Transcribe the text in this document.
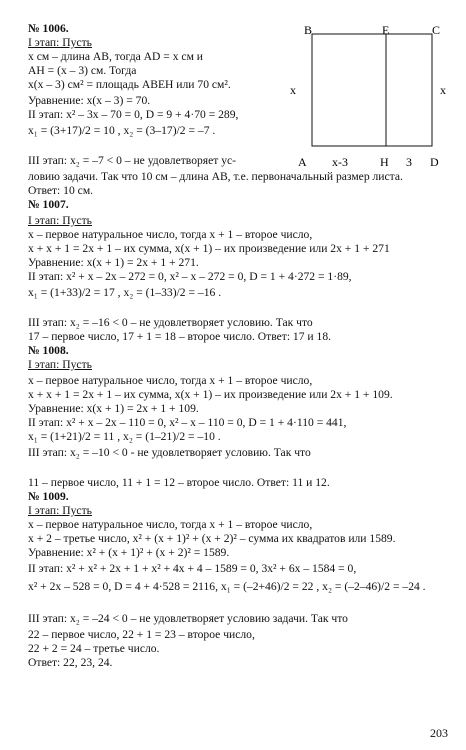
№ 1006.
I этап: Пусть
x см – длина AB, тогда AD = x см и
AH = (x – 3) см. Тогда
x(x – 3) см² = площадь ABEH или 70 см².
Уравнение: x(x – 3) = 70.
II этап: x² – 3x – 70 = 0, D = 9 + 4·70 = 289,
x₁ = (3+17)/2 = 10 , x₂ = (3–17)/2 = –7 .
III этап: x₂ = –7 < 0 – не удовлетворяет ус-
ловию задачи. Так что 10 см – длина AB, т.е. первоначальный размер листа.
Ответ: 10 см.
№ 1007.
I этап: Пусть
x – первое натуральное число, тогда x + 1 – второе число,
x + x + 1 = 2x + 1 – их сумма, x(x + 1) – их произведение или 2x + 1 + 271
Уравнение: x(x + 1) = 2x + 1 + 271.
II этап: x² + x – 2x – 272 = 0, x² – x – 272 = 0, D = 1 + 4·272 = 1·89,
x₁ = (1+33)/2 = 17 , x₂ = (1–33)/2 = –16 .
III этап: x₂ = –16 < 0 – не удовлетворяет условию. Так что
17 – первое число, 17 + 1 = 18 – второе число. Ответ: 17 и 18.
№ 1008.
I этап: Пусть
x – первое натуральное число, тогда x + 1 – второе число,
x + x + 1 = 2x + 1 – их сумма, x(x + 1) – их произведение или 2x + 1 + 109.
Уравнение: x(x + 1) = 2x + 1 + 109.
II этап: x² + x – 2x – 110 = 0, x² – x – 110 = 0, D = 1 + 4·110 = 441,
x₁ = (1+21)/2 = 11 , x₂ = (1–21)/2 = –10 .
III этап: x₂ = –10 < 0 - не удовлетворяет условию. Так что
11 – первое число, 11 + 1 = 12 – второе число. Ответ: 11 и 12.
№ 1009.
I этап: Пусть
x – первое натуральное число, тогда x + 1 – второе число,
x + 2 – третье число, x² + (x + 1)² + (x + 2)² – сумма их квадратов или 1589.
Уравнение: x² + (x + 1)² + (x + 2)² = 1589.
II этап: x² + x² + 2x + 1 + x² + 4x + 4 – 1589 = 0, 3x² + 6x – 1584 = 0,
x² + 2x – 528 = 0, D = 4 + 4·528 = 2116, x₁ = (–2+46)/2 = 22 , x₂ = (–2–46)/2 = –24 .
III этап: x₂ = –24 < 0 – не удовлетворяет условию задачи. Так что
22 – первое число, 22 + 1 = 23 – второе число,
22 + 2 = 24 – третье число.
Ответ: 22, 23, 24.
B	E	C
A	H	D
x	x
x-3	3
203
